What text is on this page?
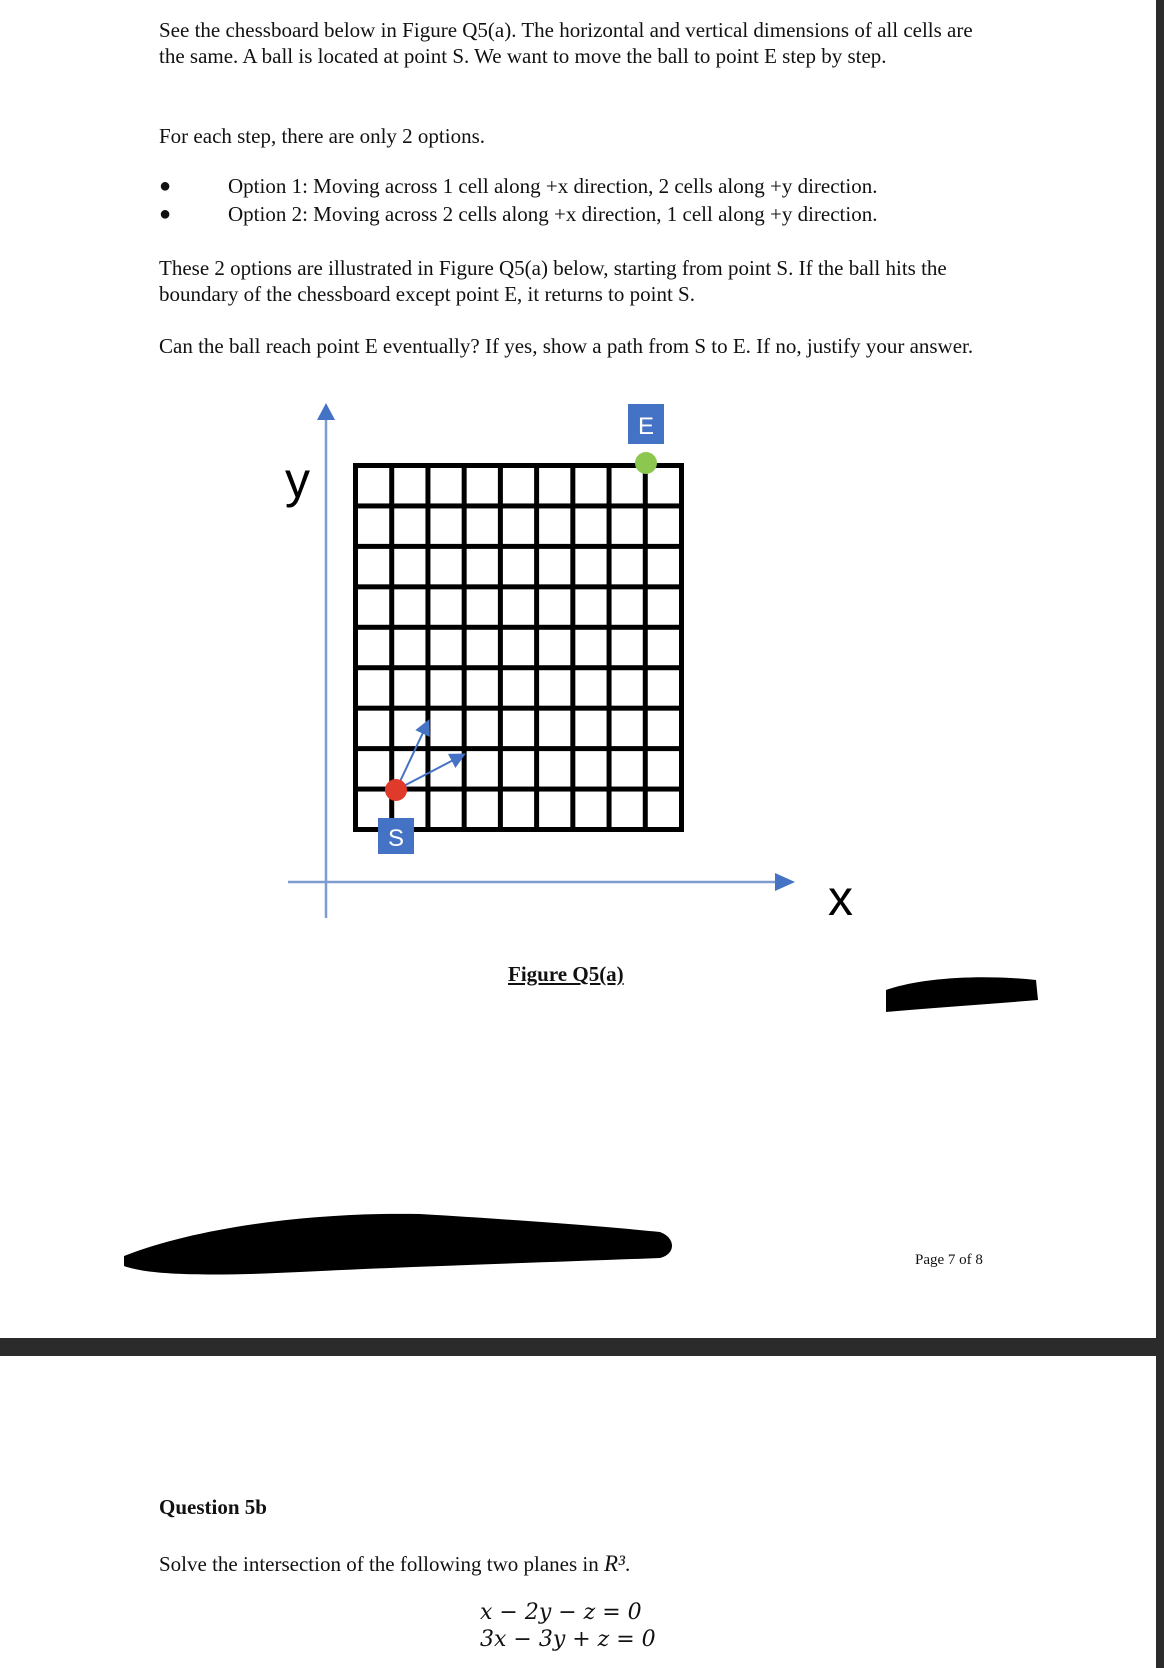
See the chessboard below in Figure Q5(a). The horizontal and vertical dimensions of all cells are the same. A ball is located at point S. We want to move the ball to point E step by step.

For each step, there are only 2 options.

●	Option 1: Moving across 1 cell along +x direction, 2 cells along +y direction.
●	Option 2: Moving across 2 cells along +x direction, 1 cell along +y direction.

These 2 options are illustrated in Figure Q5(a) below, starting from point S. If the ball hits the boundary of the chessboard except point E, it returns to point S.

Can the ball reach point E eventually? If yes, show a path from S to E. If no, justify your answer.

y
x
S
E
Figure Q5(a)
Page 7 of 8
Question 5b
Solve the intersection of the following two planes in R³.
x − 2y − z = 0
3x − 3y + z = 0
